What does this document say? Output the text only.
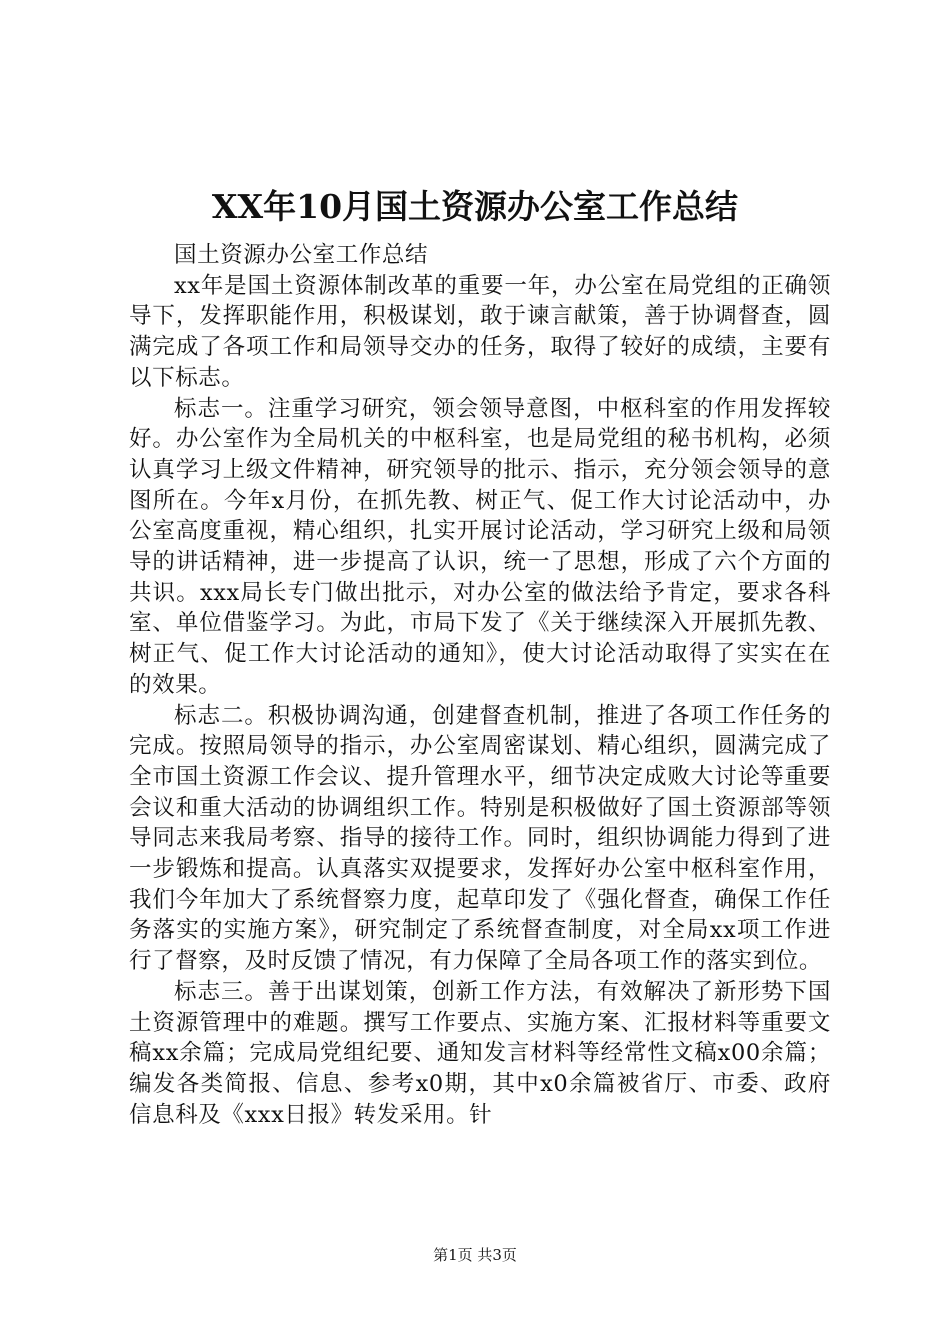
XX年10月国土资源办公室工作总结

国土资源办公室工作总结

xx年是国土资源体制改革的重要一年，办公室在局党组的正确领导下，发挥职能作用，积极谋划，敢于谏言献策，善于协调督查，圆满完成了各项工作和局领导交办的任务，取得了较好的成绩，主要有以下标志。

标志一。注重学习研究，领会领导意图，中枢科室的作用发挥较好。办公室作为全局机关的中枢科室，也是局党组的秘书机构，必须认真学习上级文件精神，研究领导的批示、指示，充分领会领导的意图所在。今年x月份，在抓先教、树正气、促工作大讨论活动中，办公室高度重视，精心组织，扎实开展讨论活动，学习研究上级和局领导的讲话精神，进一步提高了认识，统一了思想，形成了六个方面的共识。xxx局长专门做出批示，对办公室的做法给予肯定，要求各科室、单位借鉴学习。为此，市局下发了《关于继续深入开展抓先教、树正气、促工作大讨论活动的通知》，使大讨论活动取得了实实在在的效果。

标志二。积极协调沟通，创建督查机制，推进了各项工作任务的完成。按照局领导的指示，办公室周密谋划、精心组织，圆满完成了全市国土资源工作会议、提升管理水平，细节决定成败大讨论等重要会议和重大活动的协调组织工作。特别是积极做好了国土资源部等领导同志来我局考察、指导的接待工作。同时，组织协调能力得到了进一步锻炼和提高。认真落实双提要求，发挥好办公室中枢科室作用，我们今年加大了系统督察力度，起草印发了《强化督查，确保工作任务落实的实施方案》，研究制定了系统督查制度，对全局xx项工作进行了督察，及时反馈了情况，有力保障了全局各项工作的落实到位。

标志三。善于出谋划策，创新工作方法，有效解决了新形势下国土资源管理中的难题。撰写工作要点、实施方案、汇报材料等重要文稿xx余篇；完成局党组纪要、通知发言材料等经常性文稿x00余篇；编发各类简报、信息、参考x0期，其中x0余篇被省厅、市委、政府信息科及《xxx日报》转发采用。针

第1页 共3页
